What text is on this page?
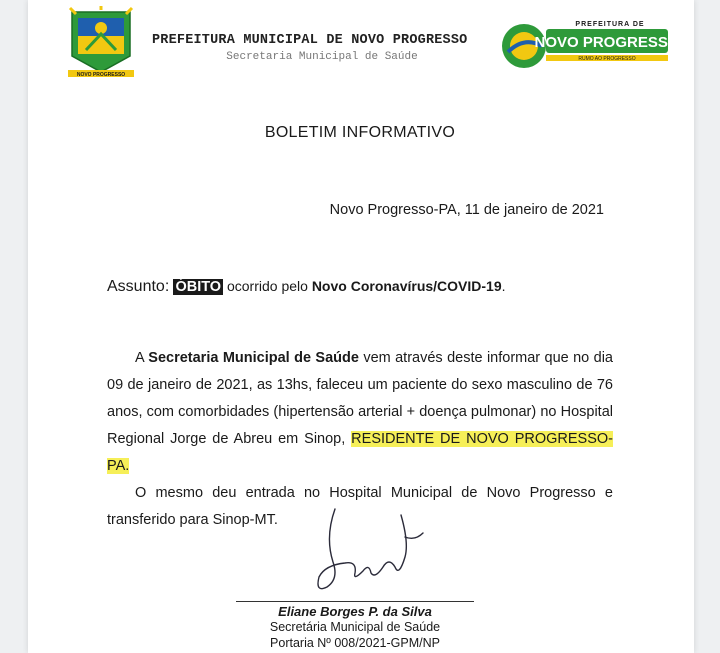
NOVO PROGRESSO
PREFEITURA MUNICIPAL DE NOVO PROGRESSO
Secretaria Municipal de Saúde
PREFEITURA DE
NOVO PROGRESSO
RUMO AO PROGRESSO
BOLETIM INFORMATIVO
Novo Progresso-PA, 11 de janeiro de 2021
Assunto: ÓBITO ocorrido pelo Novo Coronavírus/COVID-19.

A Secretaria Municipal de Saúde vem através deste informar que no dia 09 de janeiro de 2021, as 13hs, faleceu um paciente do sexo masculino de 76 anos, com comorbidades (hipertensão arterial + doença pulmonar) no Hospital Regional Jorge de Abreu em Sinop, RESIDENTE DE NOVO PROGRESSO-PA.

O mesmo deu entrada no Hospital Municipal de Novo Progresso e transferido para Sinop-MT.

Eliane Borges P. da Silva
Secretária Municipal de Saúde
Portaria Nº 008/2021-GPM/NP
